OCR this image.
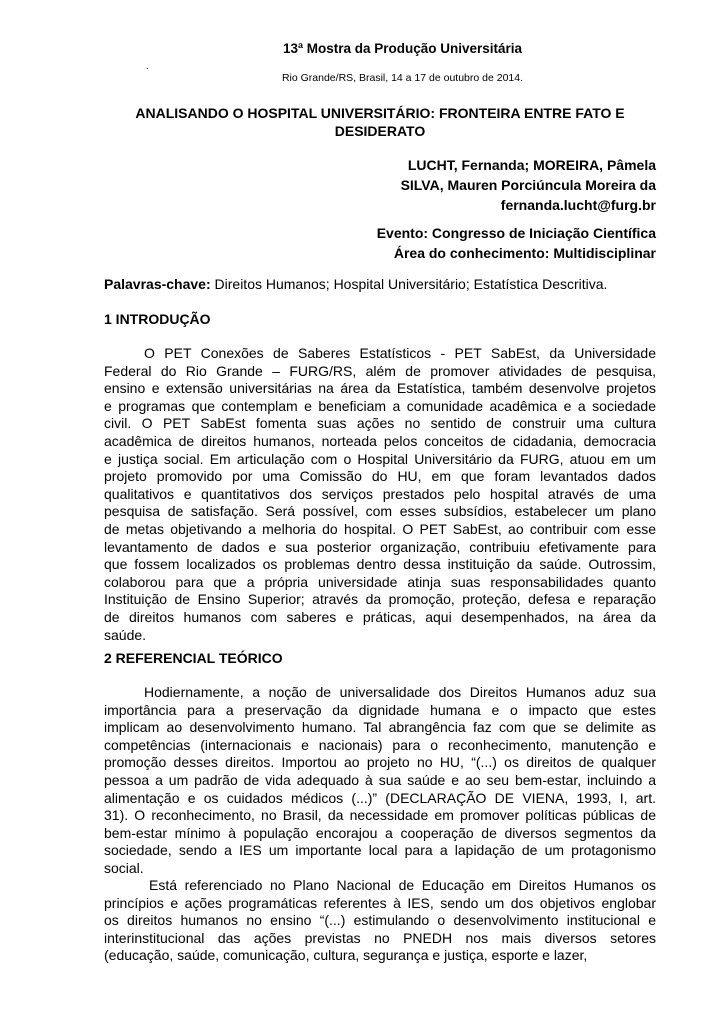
13ª Mostra da Produção Universitária
.
Rio Grande/RS, Brasil, 14 a 17 de outubro de 2014.
ANALISANDO O HOSPITAL UNIVERSITÁRIO: FRONTEIRA ENTRE FATO E
DESIDERATO
LUCHT, Fernanda; MOREIRA, Pâmela
SILVA, Mauren Porciúncula Moreira da
fernanda.lucht@furg.br
Evento: Congresso de Iniciação Científica
Área do conhecimento: Multidisciplinar
Palavras-chave: Direitos Humanos; Hospital Universitário; Estatística Descritiva.
1 INTRODUÇÃO
O PET Conexões de Saberes Estatísticos - PET SabEst, da Universidade
Federal do Rio Grande – FURG/RS, além de promover atividades de pesquisa,
ensino e extensão universitárias na área da Estatística, também desenvolve projetos
e programas que contemplam e beneficiam a comunidade acadêmica e a sociedade
civil. O PET SabEst fomenta suas ações no sentido de construir uma cultura
acadêmica de direitos humanos, norteada pelos conceitos de cidadania, democracia
e justiça social. Em articulação com o Hospital Universitário da FURG, atuou em um
projeto promovido por uma Comissão do HU, em que foram levantados dados
qualitativos e quantitativos dos serviços prestados pelo hospital através de uma
pesquisa de satisfação. Será possível, com esses subsídios, estabelecer um plano
de metas objetivando a melhoria do hospital. O PET SabEst, ao contribuir com esse
levantamento de dados e sua posterior organização, contribuiu efetivamente para
que fossem localizados os problemas dentro dessa instituição da saúde. Outrossim,
colaborou para que a própria universidade atinja suas responsabilidades quanto
Instituição de Ensino Superior; através da promoção, proteção, defesa e reparação
de direitos humanos com saberes e práticas, aqui desempenhados, na área da
saúde.
2 REFERENCIAL TEÓRICO
Hodiernamente, a noção de universalidade dos Direitos Humanos aduz sua
importância para a preservação da dignidade humana e o impacto que estes
implicam ao desenvolvimento humano. Tal abrangência faz com que se delimite as
competências (internacionais e nacionais) para o reconhecimento, manutenção e
promoção desses direitos. Importou ao projeto no HU, “(...) os direitos de qualquer
pessoa a um padrão de vida adequado à sua saúde e ao seu bem-estar, incluindo a
alimentação e os cuidados médicos (...)” (DECLARAÇÃO DE VIENA, 1993, I, art.
31). O reconhecimento, no Brasil, da necessidade em promover políticas públicas de
bem-estar mínimo à população encorajou a cooperação de diversos segmentos da
sociedade, sendo a IES um importante local para a lapidação de um protagonismo
social.
Está referenciado no Plano Nacional de Educação em Direitos Humanos os
princípios e ações programáticas referentes à IES, sendo um dos objetivos englobar
os direitos humanos no ensino “(...) estimulando o desenvolvimento institucional e
interinstitucional das ações previstas no PNEDH nos mais diversos setores
(educação, saúde, comunicação, cultura, segurança e justiça, esporte e lazer,
